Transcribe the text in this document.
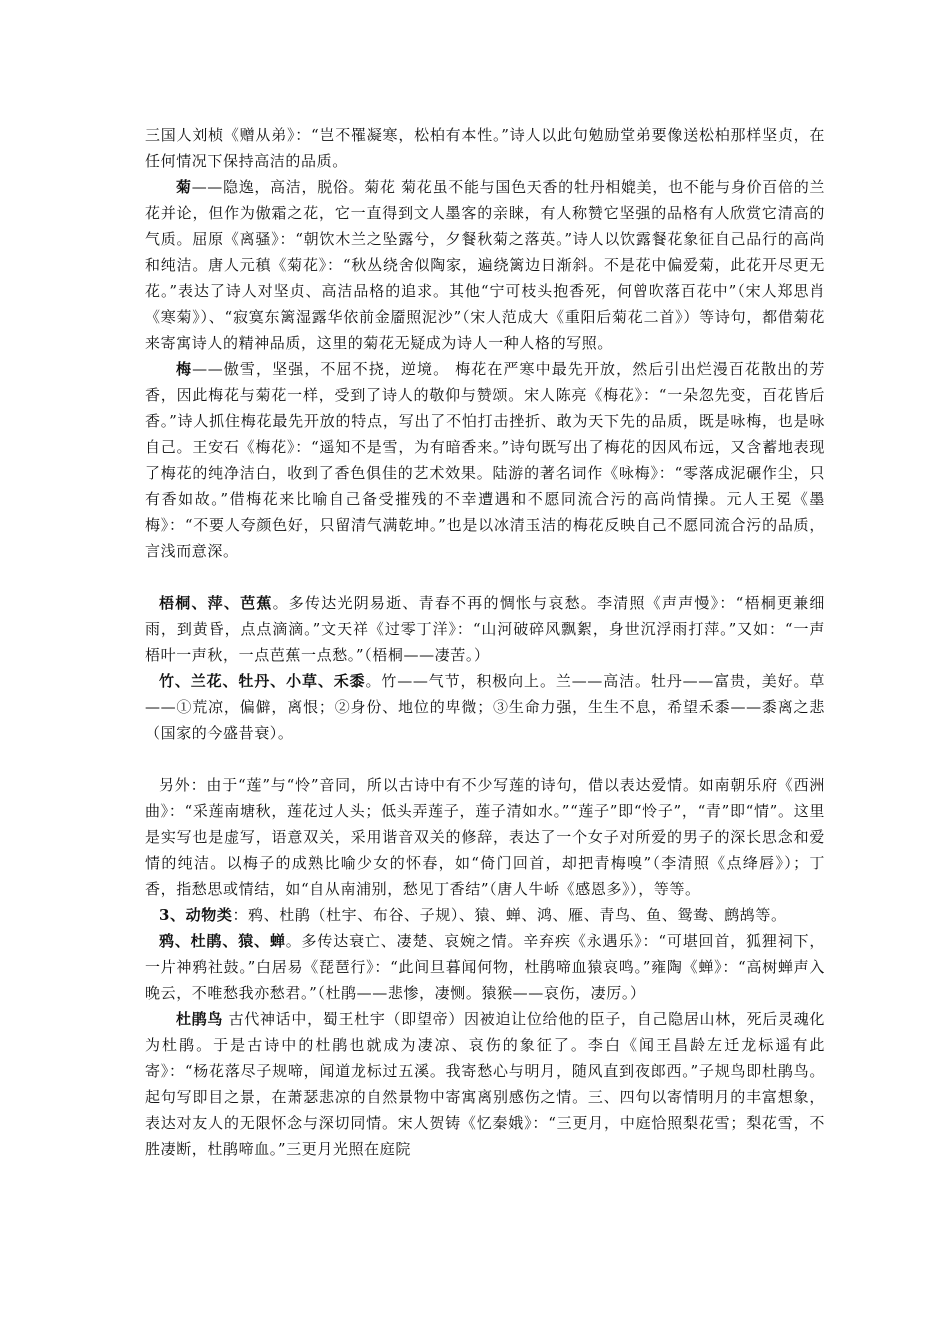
三国人刘桢《赠从弟》：“岂不罹凝寒，松柏有本性。”诗人以此句勉励堂弟要像送松柏那样坚贞，在任何情况下保持高洁的品质。

菊——隐逸，高洁，脱俗。菊花 菊花虽不能与国色天香的牡丹相媲美，也不能与身价百倍的兰花并论，但作为傲霜之花，它一直得到文人墨客的亲睐，有人称赞它坚强的品格有人欣赏它清高的气质。屈原《离骚》：“朝饮木兰之坠露兮，夕餐秋菊之落英。”诗人以饮露餐花象征自己品行的高尚和纯洁。唐人元稹《菊花》：“秋丛绕舍似陶家，遍绕篱边日渐斜。不是花中偏爱菊，此花开尽更无花。”表达了诗人对坚贞、高洁品格的追求。其他“宁可枝头抱香死，何曾吹落百花中”（宋人郑思肖《寒菊》）、“寂寞东篱湿露华依前金靥照泥沙”（宋人范成大《重阳后菊花二首》）等诗句，都借菊花来寄寓诗人的精神品质，这里的菊花无疑成为诗人一种人格的写照。

梅——傲雪，坚强，不屈不挠，逆境。 梅花在严寒中最先开放，然后引出烂漫百花散出的芳香，因此梅花与菊花一样，受到了诗人的敬仰与赞颂。宋人陈亮《梅花》：“一朵忽先变，百花皆后香。”诗人抓住梅花最先开放的特点，写出了不怕打击挫折、敢为天下先的品质，既是咏梅，也是咏自己。王安石《梅花》：“遥知不是雪，为有暗香来。”诗句既写出了梅花的因风布远，又含蓄地表现了梅花的纯净洁白，收到了香色俱佳的艺术效果。陆游的著名词作《咏梅》：“零落成泥碾作尘，只有香如故。”借梅花来比喻自己备受摧残的不幸遭遇和不愿同流合污的高尚情操。元人王冕《墨梅》：“不要人夸颜色好，只留清气满乾坤。”也是以冰清玉洁的梅花反映自己不愿同流合污的品质，言浅而意深。

梧桐、萍、芭蕉。多传达光阴易逝、青春不再的惆怅与哀愁。李清照《声声慢》：“梧桐更兼细雨，到黄昏，点点滴滴。”文天祥《过零丁洋》：“山河破碎风飘絮，身世沉浮雨打萍。”又如：“一声梧叶一声秋，一点芭蕉一点愁。”（梧桐——凄苦。）

竹、兰花、牡丹、小草、禾黍。竹——气节，积极向上。兰——高洁。牡丹——富贵，美好。草——①荒凉，偏僻，离恨；②身份、地位的卑微；③生命力强，生生不息，希望禾黍——黍离之悲（国家的今盛昔衰）。

另外：由于“莲”与“怜”音同，所以古诗中有不少写莲的诗句，借以表达爱情。如南朝乐府《西洲曲》：“采莲南塘秋，莲花过人头；低头弄莲子，莲子清如水。”“莲子”即“怜子”，“青”即“情”。这里是实写也是虚写，语意双关，采用谐音双关的修辞，表达了一个女子对所爱的男子的深长思念和爱情的纯洁。以梅子的成熟比喻少女的怀春，如“倚门回首，却把青梅嗅”（李清照《点绛唇》）；丁香，指愁思或情结，如“自从南浦别，愁见丁香结”（唐人牛峤《感恩多》），等等。

3、动物类：鸦、杜鹃（杜宇、布谷、子规）、猿、蝉、鸿、雁、青鸟、鱼、鸳鸯、鹧鸪等。

鸦、杜鹃、猿、蝉。多传达衰亡、凄楚、哀婉之情。辛弃疾《永遇乐》：“可堪回首，狐狸祠下，一片神鸦社鼓。”白居易《琵琶行》：“此间旦暮闻何物，杜鹃啼血猿哀鸣。”雍陶《蝉》：“高树蝉声入晚云，不唯愁我亦愁君。”（杜鹃——悲惨，凄恻。猿猴——哀伤，凄厉。）

杜鹃鸟 古代神话中，蜀王杜宇（即望帝）因被迫让位给他的臣子，自己隐居山林，死后灵魂化为杜鹃。于是古诗中的杜鹃也就成为凄凉、哀伤的象征了。李白《闻王昌龄左迁龙标遥有此寄》：“杨花落尽子规啼，闻道龙标过五溪。我寄愁心与明月，随风直到夜郎西。”子规鸟即杜鹃鸟。起句写即目之景，在萧瑟悲凉的自然景物中寄寓离别感伤之情。三、四句以寄情明月的丰富想象，表达对友人的无限怀念与深切同情。宋人贺铸《忆秦娥》：“三更月，中庭恰照梨花雪；梨花雪，不胜凄断，杜鹃啼血。”三更月光照在庭院
